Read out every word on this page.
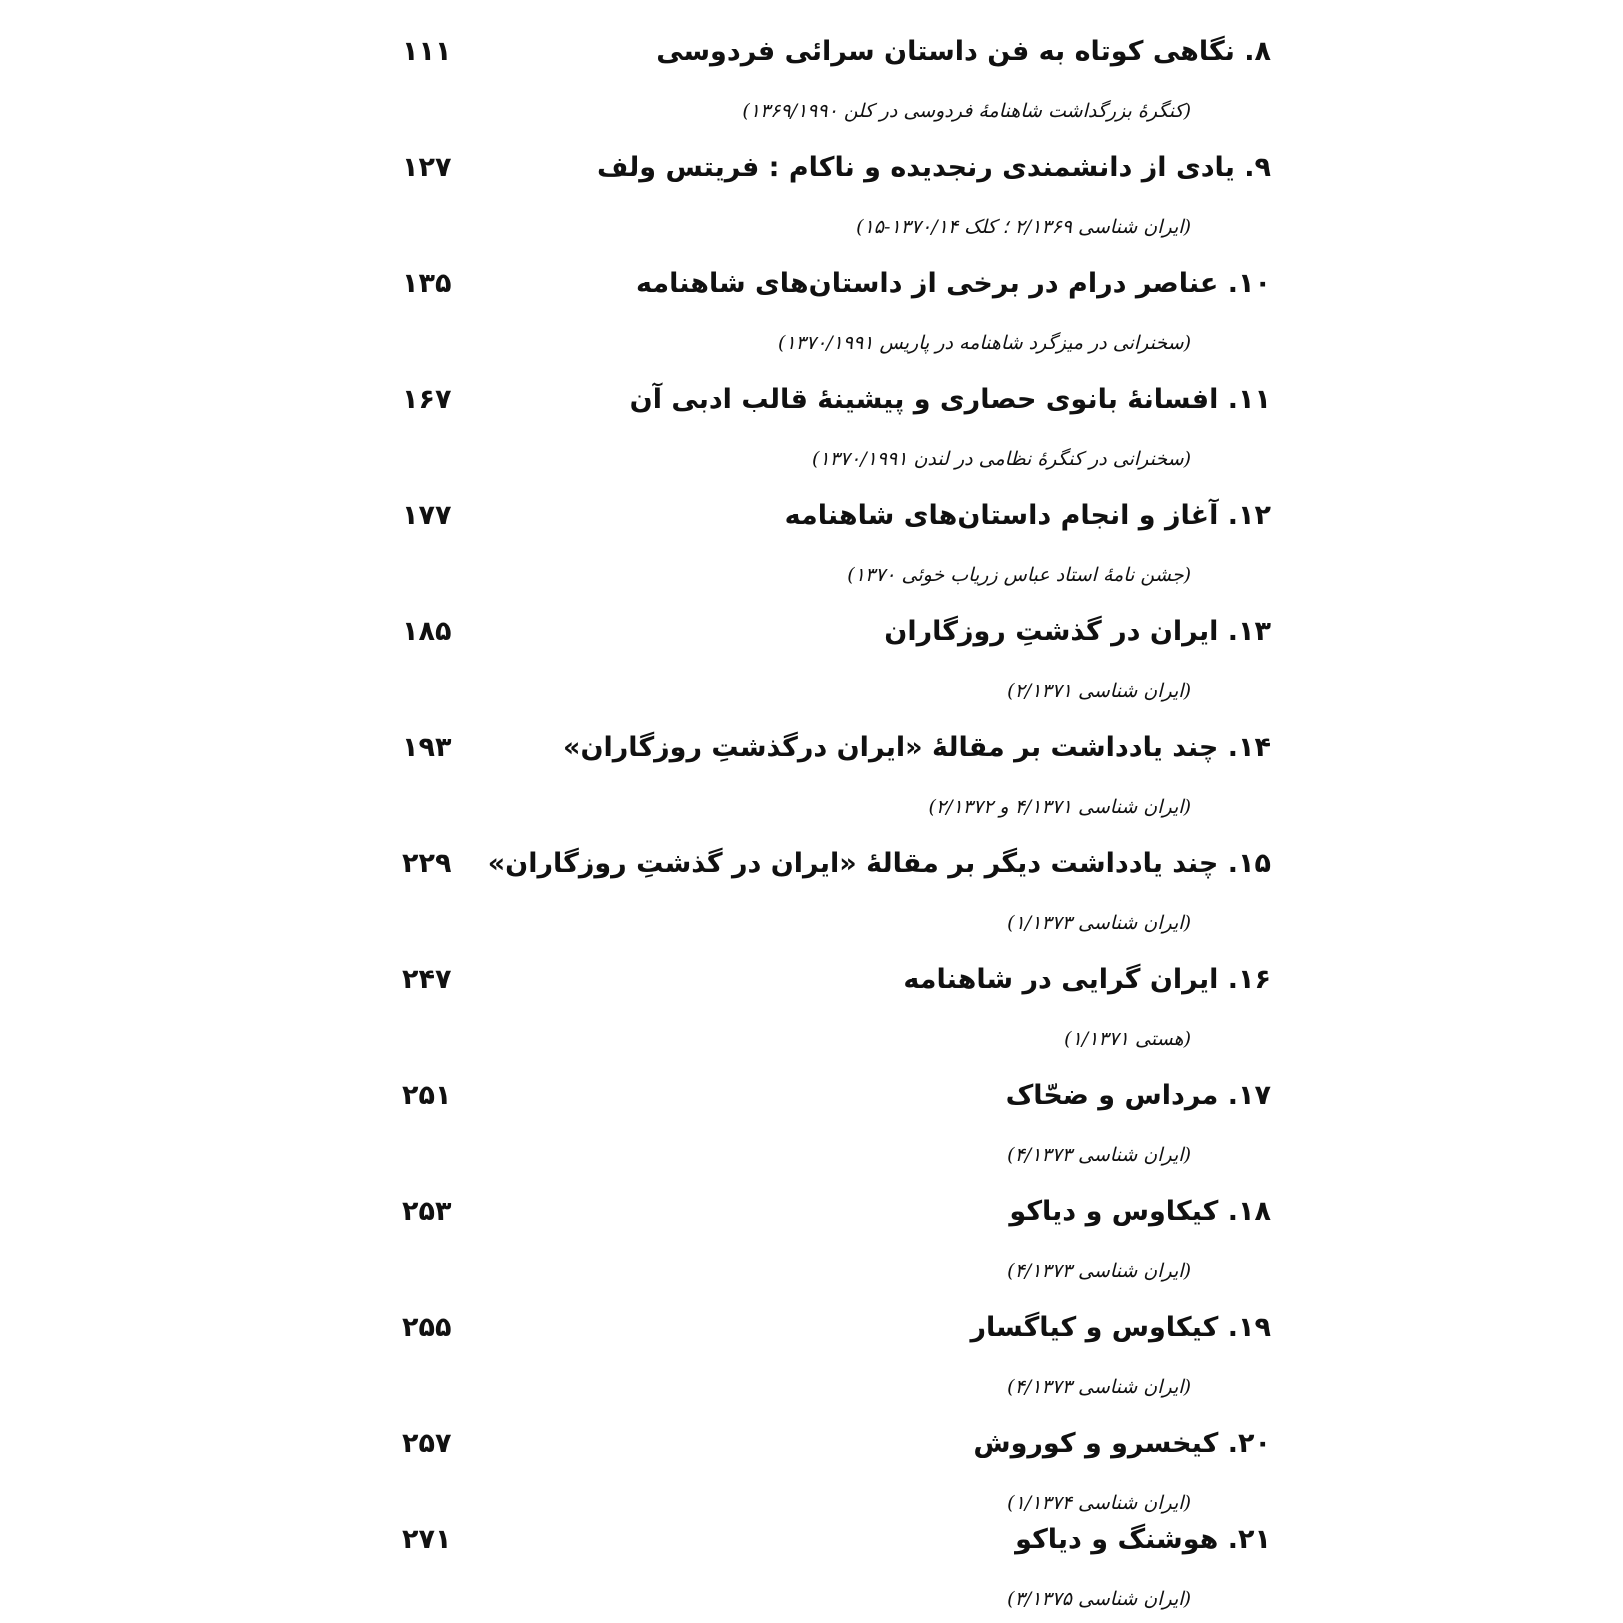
۸. نگاهی کوتاه به فن داستان سرائی فردوسی
(کنگرهٔ بزرگداشت شاهنامهٔ فردوسی در کلن ۱۳۶۹/۱۹۹۰)
۱۱۱
۹. یادی از دانشمندی رنجدیده و ناکام : فریتس ولف
(ایران شناسی ۲/۱۳۶۹ ؛ کلک ۱۳۷۰/۱۴-۱۵)
۱۲۷
۱۰. عناصر درام در برخی از داستان‌های شاهنامه
(سخنرانی در میزگرد شاهنامه در پاریس ۱۳۷۰/۱۹۹۱)
۱۳۵
۱۱. افسانهٔ بانوی حصاری و پیشینهٔ قالب ادبی آن
(سخنرانی در کنگرهٔ نظامی در لندن ۱۳۷۰/۱۹۹۱)
۱۶۷
۱۲. آغاز و انجام داستان‌های شاهنامه
(جشن نامهٔ استاد عباس زریاب خوئی ۱۳۷۰)
۱۷۷
۱۳. ایران در گذشتِ روزگاران
(ایران شناسی ۲/۱۳۷۱)
۱۸۵
۱۴. چند یادداشت بر مقالهٔ «ایران درگذشتِ روزگاران»
(ایران شناسی ۴/۱۳۷۱ و ۲/۱۳۷۲)
۱۹۳
۱۵. چند یادداشت دیگر بر مقالهٔ «ایران در گذشتِ روزگاران»
(ایران شناسی ۱/۱۳۷۳)
۲۲۹
۱۶. ایران گرایی در شاهنامه
(هستی ۱/۱۳۷۱)
۲۴۷
۱۷. مرداس و ضحّاک
(ایران شناسی ۴/۱۳۷۳)
۲۵۱
۱۸. کیکاوس و دیاکو
(ایران شناسی ۴/۱۳۷۳)
۲۵۳
۱۹. کیکاوس و کیاگسار
(ایران شناسی ۴/۱۳۷۳)
۲۵۵
۲۰. کیخسرو و کوروش
(ایران شناسی ۱/۱۳۷۴)
۲۵۷
۲۱. هوشنگ و دیاکو
(ایران شناسی ۳/۱۳۷۵)
۲۷۱
